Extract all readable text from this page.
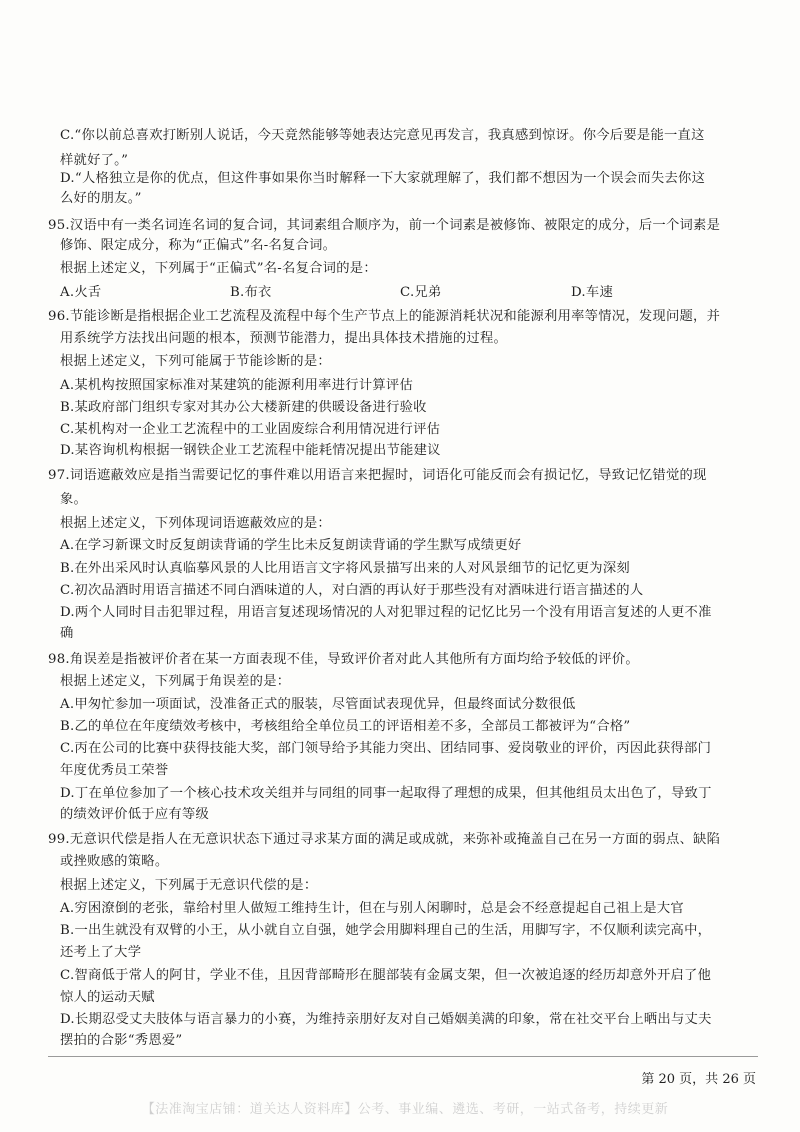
C.“你以前总喜欢打断别人说话，今天竟然能够等她表达完意见再发言，我真感到惊讶。你今后要是能一直这
样就好了。”
D.“人格独立是你的优点，但这件事如果你当时解释一下大家就理解了，我们都不想因为一个误会而失去你这
么好的朋友。”
95.汉语中有一类名词连名词的复合词，其词素组合顺序为，前一个词素是被修饰、被限定的成分，后一个词素是
修饰、限定成分，称为“正偏式”名-名复合词。
根据上述定义，下列属于“正偏式”名-名复合词的是：
A.火舌	B.布衣	C.兄弟	D.车速
96.节能诊断是指根据企业工艺流程及流程中每个生产节点上的能源消耗状况和能源利用率等情况，发现问题，并
用系统学方法找出问题的根本，预测节能潜力，提出具体技术措施的过程。
根据上述定义，下列可能属于节能诊断的是：
A.某机构按照国家标准对某建筑的能源利用率进行计算评估
B.某政府部门组织专家对其办公大楼新建的供暖设备进行验收
C.某机构对一企业工艺流程中的工业固废综合利用情况进行评估
D.某咨询机构根据一钢铁企业工艺流程中能耗情况提出节能建议
97.词语遮蔽效应是指当需要记忆的事件难以用语言来把握时，词语化可能反而会有损记忆，导致记忆错觉的现
象。
根据上述定义，下列体现词语遮蔽效应的是：
A.在学习新课文时反复朗读背诵的学生比未反复朗读背诵的学生默写成绩更好
B.在外出采风时认真临摹风景的人比用语言文字将风景描写出来的人对风景细节的记忆更为深刻
C.初次品酒时用语言描述不同白酒味道的人，对白酒的再认好于那些没有对酒味进行语言描述的人
D.两个人同时目击犯罪过程，用语言复述现场情况的人对犯罪过程的记忆比另一个没有用语言复述的人更不准
确
98.角误差是指被评价者在某一方面表现不佳，导致评价者对此人其他所有方面均给予较低的评价。
根据上述定义，下列属于角误差的是：
A.甲匆忙参加一项面试，没准备正式的服装，尽管面试表现优异，但最终面试分数很低
B.乙的单位在年度绩效考核中，考核组给全单位员工的评语相差不多，全部员工都被评为“合格”
C.丙在公司的比赛中获得技能大奖，部门领导给予其能力突出、团结同事、爱岗敬业的评价，丙因此获得部门
年度优秀员工荣誉
D.丁在单位参加了一个核心技术攻关组并与同组的同事一起取得了理想的成果，但其他组员太出色了，导致丁
的绩效评价低于应有等级
99.无意识代偿是指人在无意识状态下通过寻求某方面的满足或成就，来弥补或掩盖自己在另一方面的弱点、缺陷
或挫败感的策略。
根据上述定义，下列属于无意识代偿的是：
A.穷困潦倒的老张，靠给村里人做短工维持生计，但在与别人闲聊时，总是会不经意提起自己祖上是大官
B.一出生就没有双臂的小王，从小就自立自强，她学会用脚料理自己的生活，用脚写字，不仅顺利读完高中，
还考上了大学
C.智商低于常人的阿甘，学业不佳，且因背部畸形在腿部装有金属支架，但一次被追逐的经历却意外开启了他
惊人的运动天赋
D.长期忍受丈夫肢体与语言暴力的小赛，为维持亲朋好友对自己婚姻美满的印象，常在社交平台上晒出与丈夫
摆拍的合影“秀恩爱”
第 20 页，共 26 页
【法准淘宝店铺：道关达人资料库】公考、事业编、遴选、考研，一站式备考，持续更新
